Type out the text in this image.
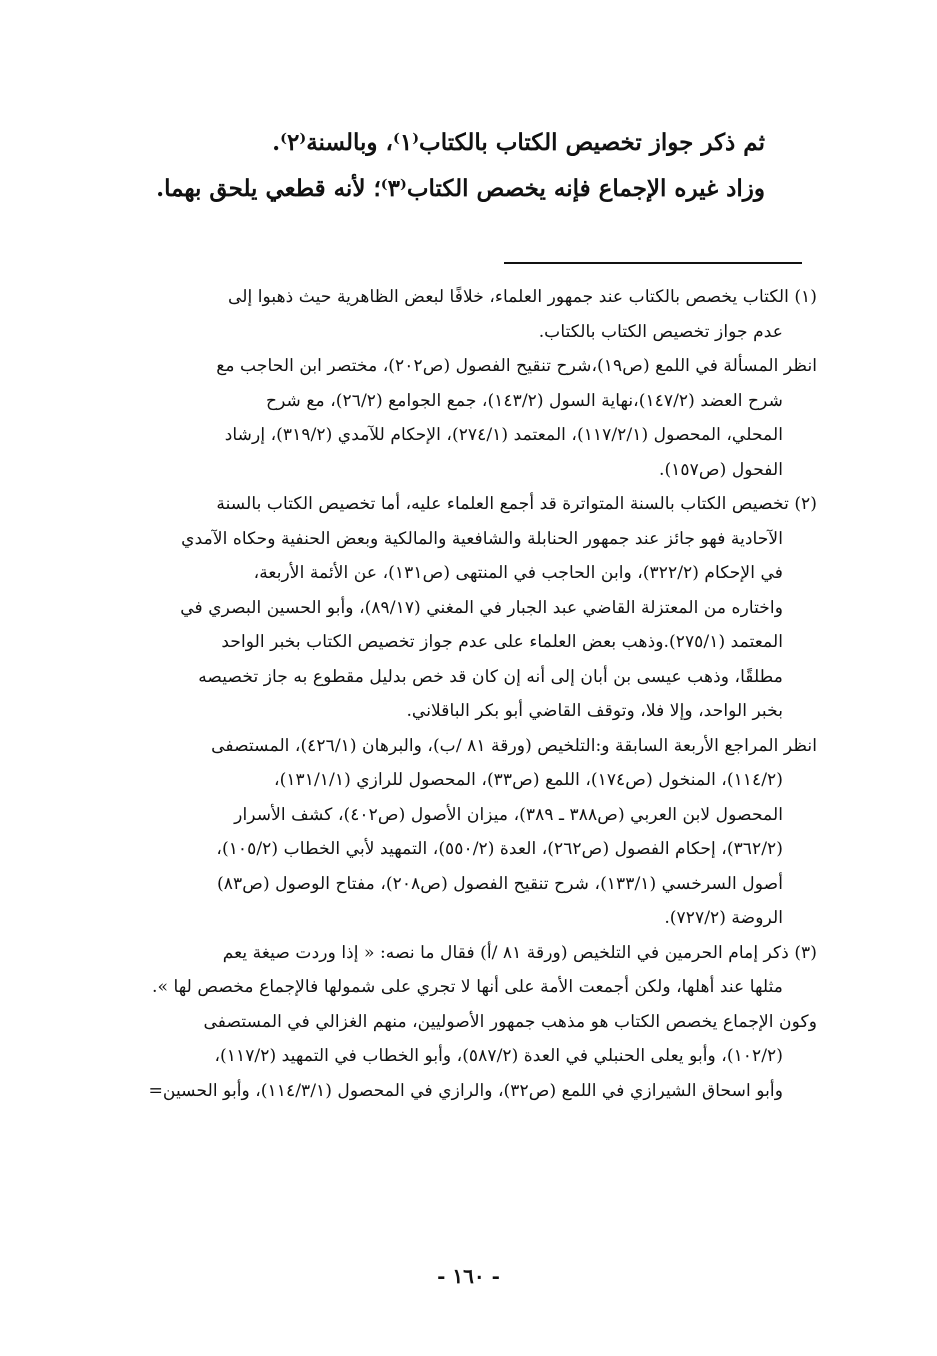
ثم ذكر جواز تخصيص الكتاب بالكتاب⁽١⁾، وبالسنة⁽٢⁾.
وزاد غيره الإجماع فإنه يخصص الكتاب⁽٣⁾؛ لأنه قطعي يلحق بهما.
(١) الكتاب يخصص بالكتاب عند جمهور العلماء، خلافًا لبعض الظاهرية حيث ذهبوا إلى
عدم جواز تخصيص الكتاب بالكتاب.
انظر المسألة في اللمع (ص١٩)،شرح تنقيح الفصول (ص٢٠٢)، مختصر ابن الحاجب مع
شرح العضد (١٤٧/٢)،نهاية السول (١٤٣/٢)، جمع الجوامع (٢٦/٢)، مع شرح
المحلي، المحصول (١١٧/٢/١)، المعتمد (٢٧٤/١)، الإحكام للآمدي (٣١٩/٢)، إرشاد
الفحول (ص١٥٧).
(٢) تخصيص الكتاب بالسنة المتواترة قد أجمع العلماء عليه، أما تخصيص الكتاب بالسنة
الآحادية فهو جائز عند جمهور الحنابلة والشافعية والمالكية وبعض الحنفية وحكاه الآمدي
في الإحكام (٣٢٢/٢)، وابن الحاجب في المنتهى (ص١٣١)، عن الأئمة الأربعة،
واختاره من المعتزلة القاضي عبد الجبار في المغني (٨٩/١٧)، وأبو الحسين البصري في
المعتمد (٢٧٥/١).وذهب بعض العلماء على عدم جواز تخصيص الكتاب بخبر الواحد
مطلقًا، وذهب عيسى بن أبان إلى أنه إن كان قد خص بدليل مقطوع به جاز تخصيصه
بخبر الواحد، وإلا فلا، وتوقف القاضي أبو بكر الباقلاني.
انظر المراجع الأربعة السابقة و:التلخيص (ورقة ٨١ /ب)، والبرهان (٤٢٦/١)، المستصفى
(١١٤/٢)، المنخول (ص١٧٤)، اللمع (ص٣٣)، المحصول للرازي (١٣١/١/١)،
المحصول لابن العربي (ص٣٨٨ ـ ٣٨٩)، ميزان الأصول (ص٤٠٢)، كشف الأسرار
(٣٦٢/٢)، إحكام الفصول (ص٢٦٢)، العدة (٥٥٠/٢)، التمهيد لأبي الخطاب (١٠٥/٢)،
أصول السرخسي (١٣٣/١)، شرح تنقيح الفصول (ص٢٠٨)، مفتاح الوصول (ص٨٣)
الروضة (٧٢٧/٢).
(٣) ذكر إمام الحرمين في التلخيص (ورقة ٨١ /أ) فقال ما نصه: « إذا وردت صيغة يعم
مثلها عند أهلها، ولكن أجمعت الأمة على أنها لا تجري على شمولها فالإجماع مخصص لها ».
وكون الإجماع يخصص الكتاب هو مذهب جمهور الأصوليين، منهم الغزالي في المستصفى
(١٠٢/٢)، وأبو يعلى الحنبلي في العدة (٥٨٧/٢)، وأبو الخطاب في التمهيد (١١٧/٢)،
وأبو اسحاق الشيرازي في اللمع (ص٣٢)، والرازي في المحصول (١١٤/٣/١)، وأبو الحسين=
- ١٦٠ -
